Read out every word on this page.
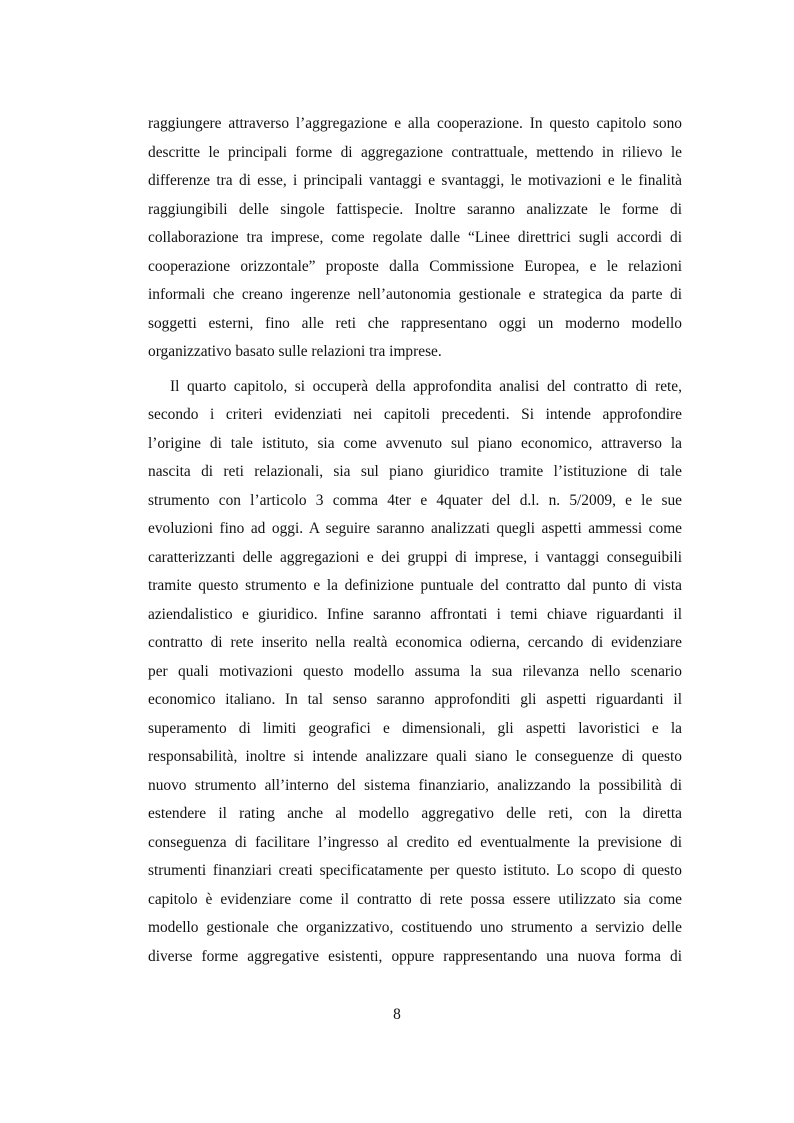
raggiungere attraverso l’aggregazione e alla cooperazione. In questo capitolo sono
descritte le principali forme di aggregazione contrattuale, mettendo in rilievo le
differenze tra di esse, i principali vantaggi e svantaggi, le motivazioni e le finalità
raggiungibili delle singole fattispecie. Inoltre saranno analizzate le forme di
collaborazione tra imprese, come regolate dalle “Linee direttrici sugli accordi di
cooperazione orizzontale” proposte dalla Commissione Europea, e le relazioni
informali che creano ingerenze nell’autonomia gestionale e strategica da parte di
soggetti esterni, fino alle reti che rappresentano oggi un moderno modello
organizzativo basato sulle relazioni tra imprese.

Il quarto capitolo, si occuperà della approfondita analisi del contratto di rete,
secondo i criteri evidenziati nei capitoli precedenti. Si intende approfondire
l’origine di tale istituto, sia come avvenuto sul piano economico, attraverso la
nascita di reti relazionali, sia sul piano giuridico tramite l’istituzione di tale
strumento con l’articolo 3 comma 4ter e 4quater del d.l. n. 5/2009, e le sue
evoluzioni fino ad oggi. A seguire saranno analizzati quegli aspetti ammessi come
caratterizzanti delle aggregazioni e dei gruppi di imprese, i vantaggi conseguibili
tramite questo strumento e la definizione puntuale del contratto dal punto di vista
aziendalistico e giuridico. Infine saranno affrontati i temi chiave riguardanti il
contratto di rete inserito nella realtà economica odierna, cercando di evidenziare
per quali motivazioni questo modello assuma la sua rilevanza nello scenario
economico italiano. In tal senso saranno approfonditi gli aspetti riguardanti il
superamento di limiti geografici e dimensionali, gli aspetti lavoristici e la
responsabilità, inoltre si intende analizzare quali siano le conseguenze di questo
nuovo strumento all’interno del sistema finanziario, analizzando la possibilità di
estendere il rating anche al modello aggregativo delle reti, con la diretta
conseguenza di facilitare l’ingresso al credito ed eventualmente la previsione di
strumenti finanziari creati specificatamente per questo istituto. Lo scopo di questo
capitolo è evidenziare come il contratto di rete possa essere utilizzato sia come
modello gestionale che organizzativo, costituendo uno strumento a servizio delle
diverse forme aggregative esistenti, oppure rappresentando una nuova forma di

8
